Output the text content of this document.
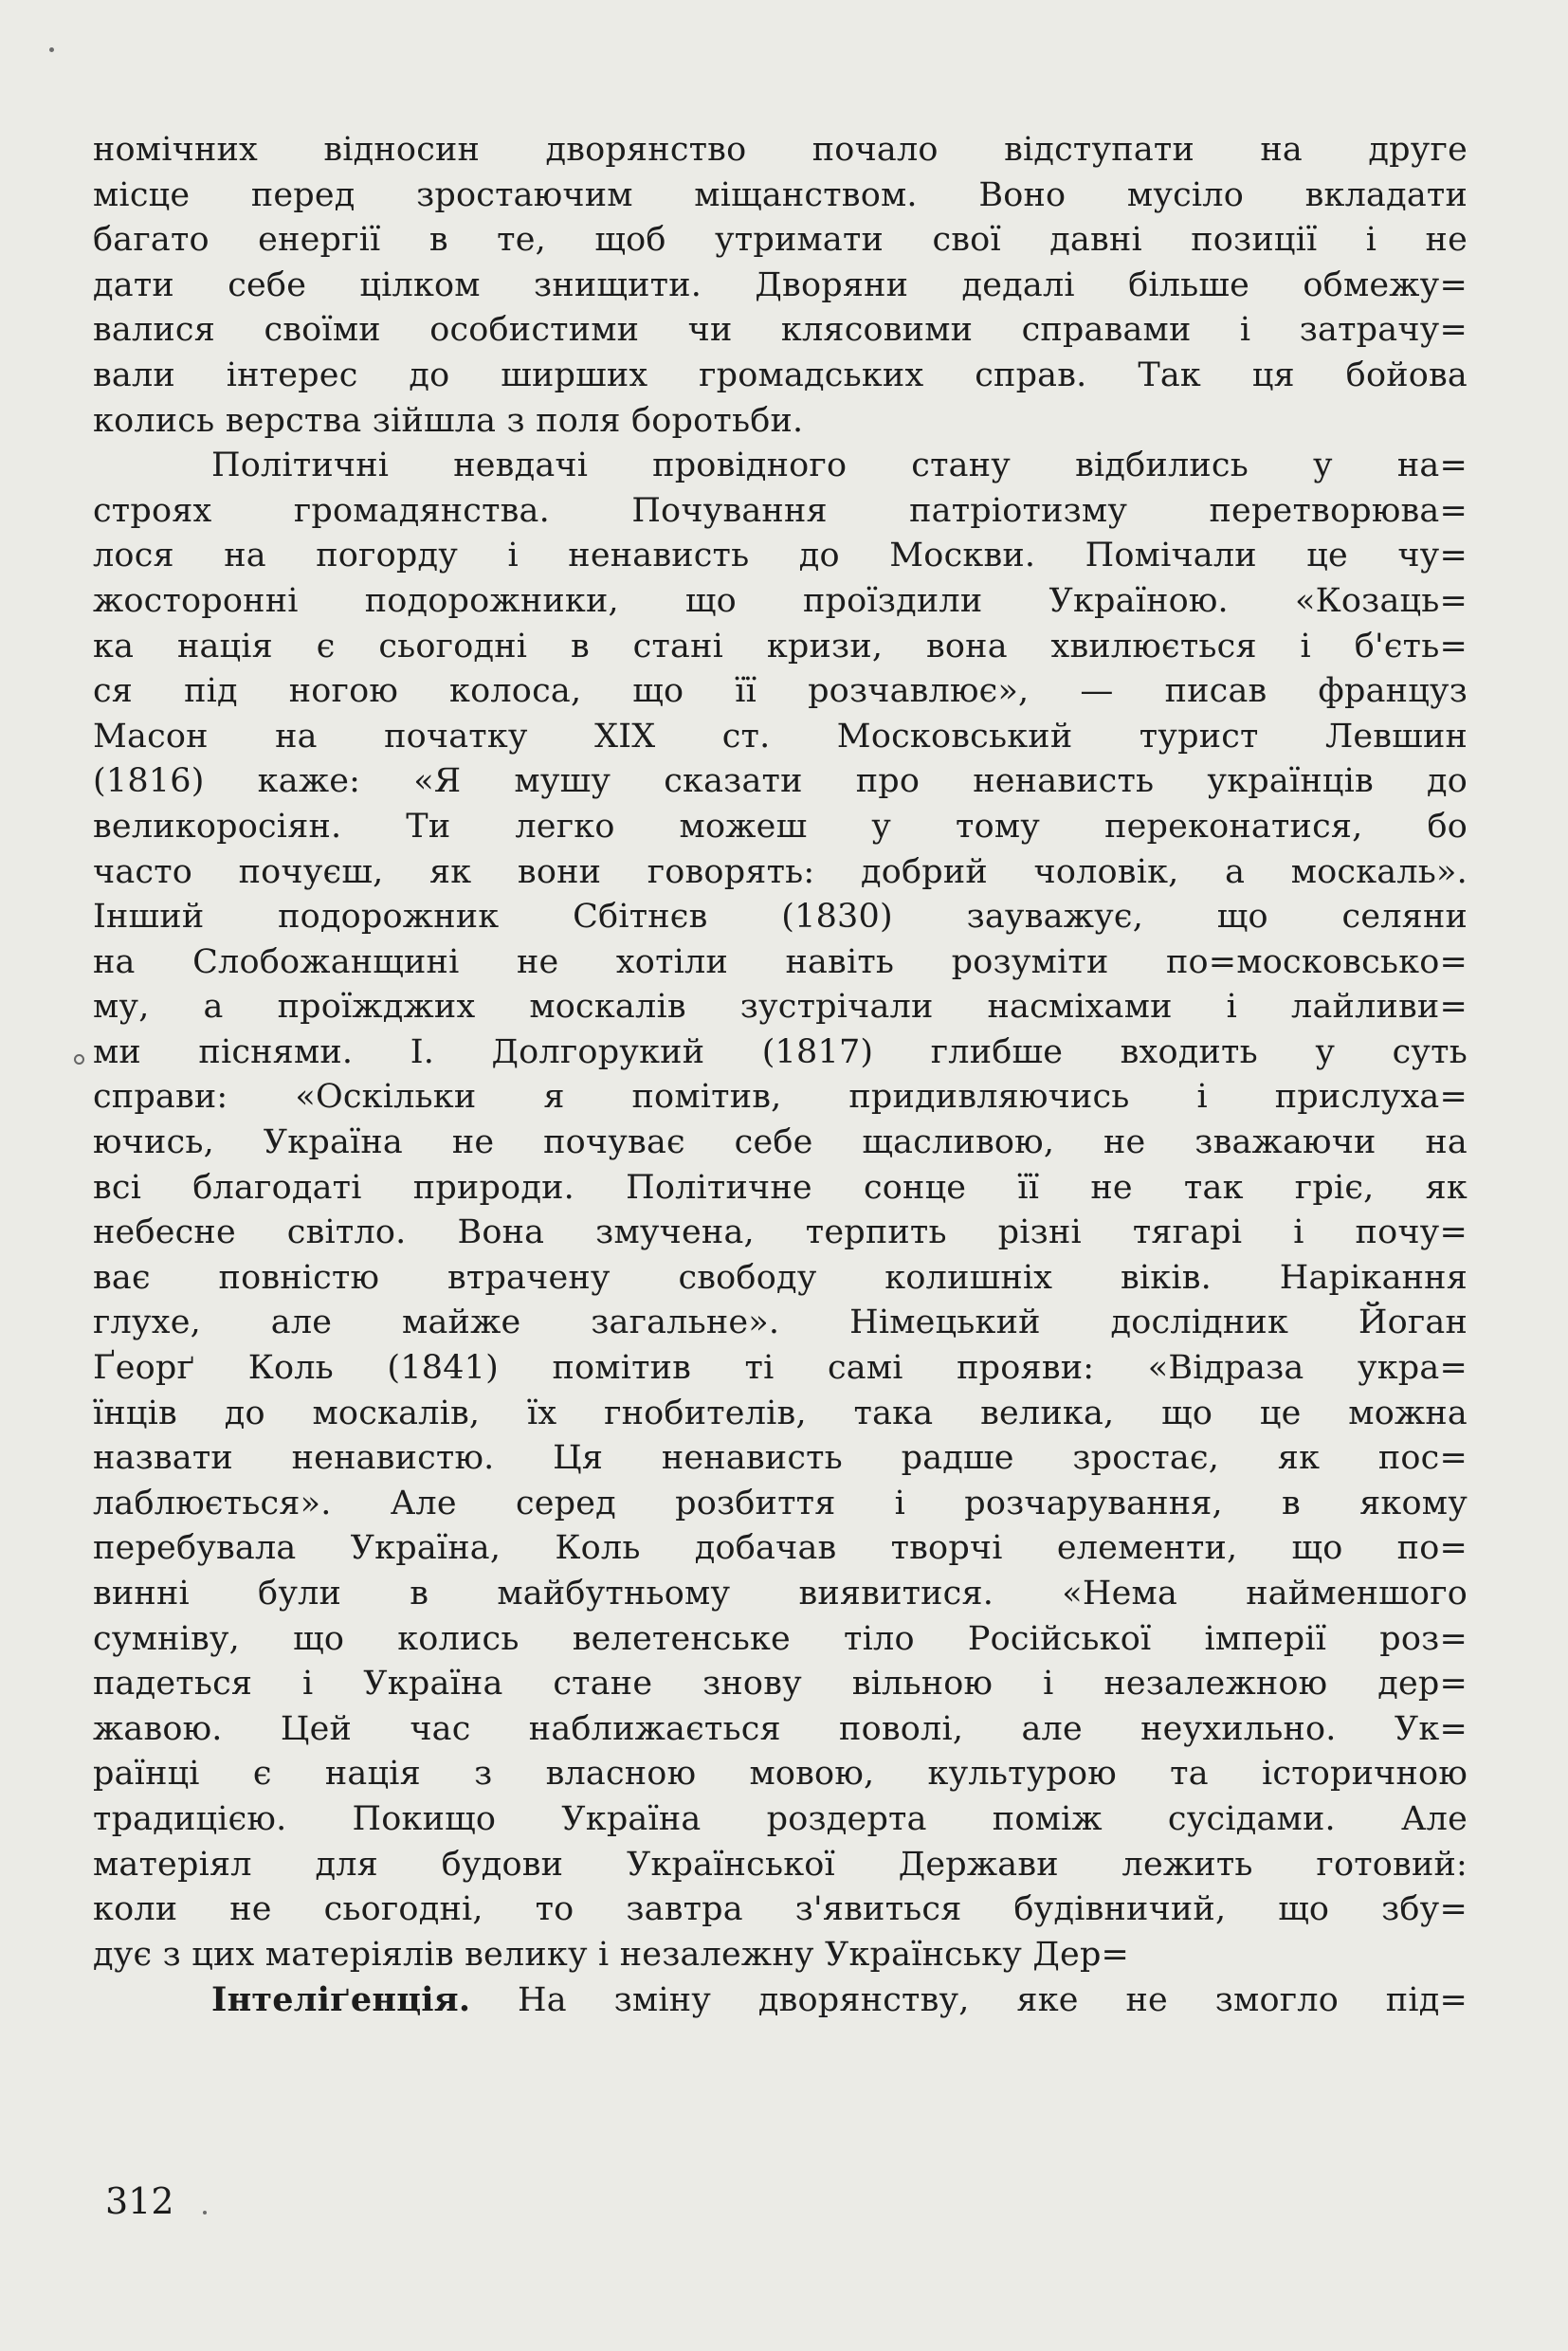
номічних відносин дворянство почало відступати на друге
місце перед зростаючим міщанством. Воно мусіло вкладати
багато енергії в те, щоб утримати свої давні позиції і не
дати себе цілком знищити. Дворяни дедалі більше обмежу=
валися своїми особистими чи клясовими справами і затрачу=
вали інтерес до ширших громадських справ. Так ця бойова
колись верства зійшла з поля боротьби.
Політичні невдачі провідного стану відбились у на=
строях громадянства. Почування патріотизму перетворюва=
лося на погорду і ненависть до Москви. Помічали це чу=
жосторонні подорожники, що проїздили Україною. «Козаць=
ка нація є сьогодні в стані кризи, вона хвилюється і б'єть=
ся під ногою колоса, що її розчавлює», — писав француз
Масон на початку XIX ст. Московський турист Левшин
(1816) каже: «Я мушу сказати про ненависть українців до
великоросіян. Ти легко можеш у тому переконатися, бо
часто почуєш, як вони говорять: добрий чоловік, а москаль».
Інший подорожник Сбітнєв (1830) зауважує, що селяни
на Слобожанщині не хотіли навіть розуміти по=московсько=
му, а проїжджих москалів зустрічали насміхами і лайливи=
ми піснями. І. Долгорукий (1817) глибше входить у суть
справи: «Оскільки я помітив, придивляючись і прислуха=
ючись, Україна не почуває себе щасливою, не зважаючи на
всі благодаті природи. Політичне сонце її не так гріє, як
небесне світло. Вона змучена, терпить різні тягарі і почу=
ває повністю втрачену свободу колишніх віків. Нарікання
глухе, але майже загальне». Німецький дослідник Йоган
Ґеорґ Коль (1841) помітив ті самі прояви: «Відраза укра=
їнців до москалів, їх гнобителів, така велика, що це можна
назвати ненавистю. Ця ненависть радше зростає, як пос=
лаблюється». Але серед розбиття і розчарування, в якому
перебувала Україна, Коль добачав творчі елементи, що по=
винні були в майбутньому виявитися. «Нема найменшого
сумніву, що колись велетенське тіло Російської імперії роз=
падеться і Україна стане знову вільною і незалежною дер=
жавою. Цей час наближається поволі, але неухильно. Ук=
раїнці є нація з власною мовою, культурою та історичною
традицією. Покищо Україна роздерта поміж сусідами. Але
матеріял для будови Української Держави лежить готовий:
коли не сьогодні, то завтра з'явиться будівничий, що збу=
дує з цих матеріялів велику і незалежну Українську Дер=
Інтеліґенція. На зміну дворянству, яке не змогло під=
312
